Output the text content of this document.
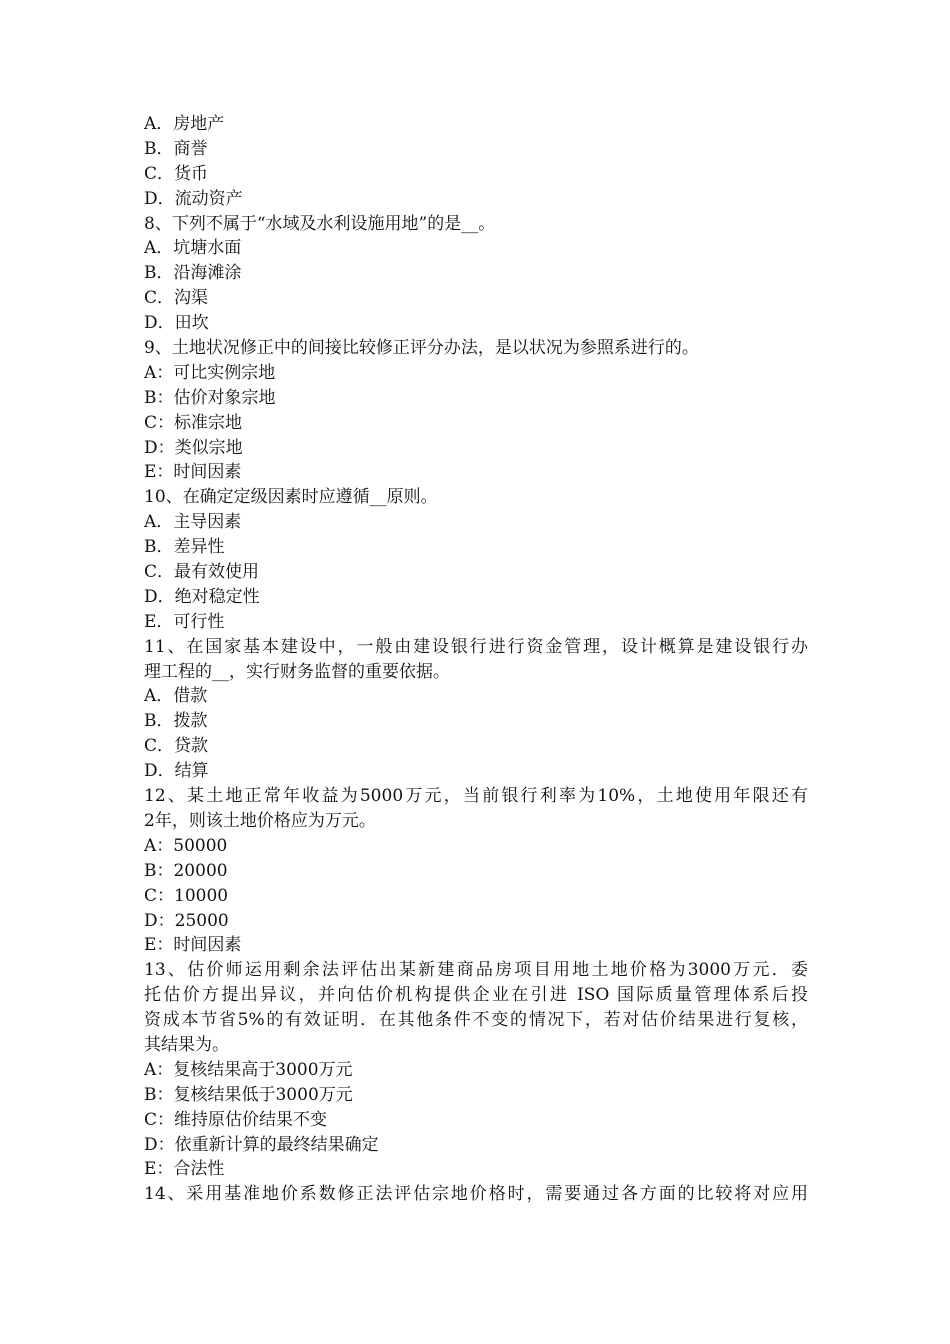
A．房地产
B．商誉
C．货币
D．流动资产
8、下列不属于“水域及水利设施用地”的是__。
A．坑塘水面
B．沿海滩涂
C．沟渠
D．田坎
9、土地状况修正中的间接比较修正评分办法，是以状况为参照系进行的。
A：可比实例宗地
B：估价对象宗地
C：标准宗地
D：类似宗地
E：时间因素
10、在确定定级因素时应遵循__原则。
A．主导因素
B．差异性
C．最有效使用
D．绝对稳定性
E．可行性
11、在国家基本建设中，一般由建设银行进行资金管理，设计概算是建设银行办
理工程的__，实行财务监督的重要依据。
A．借款
B．拨款
C．贷款
D．结算
12、某土地正常年收益为5000万元，当前银行利率为10%，土地使用年限还有
2年，则该土地价格应为万元。
A：50000
B：20000
C：10000
D：25000
E：时间因素
13、估价师运用剩余法评估出某新建商品房项目用地土地价格为3000万元．委
托估价方提出异议，并向估价机构提供企业在引进 ISO 国际质量管理体系后投
资成本节省5%的有效证明．在其他条件不变的情况下，若对估价结果进行复核，
其结果为。
A：复核结果高于3000万元
B：复核结果低于3000万元
C：维持原估价结果不变
D：依重新计算的最终结果确定
E：合法性
14、采用基准地价系数修正法评估宗地价格时，需要通过各方面的比较将对应用
